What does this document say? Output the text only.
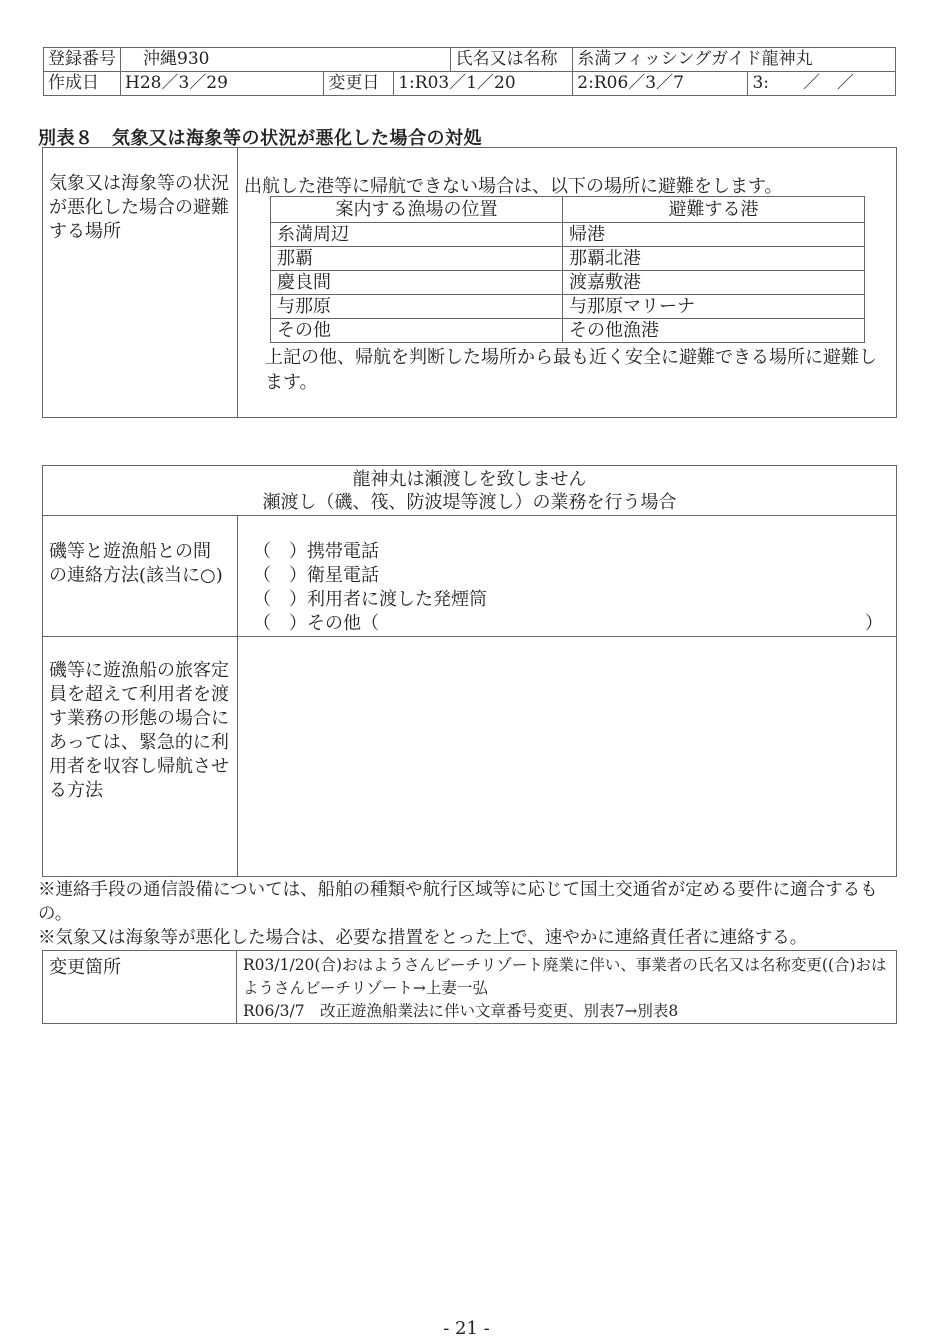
登録番号	沖縄930			氏名又は名称	糸満フィッシングガイド龍神丸	
作成日	H28／3／29	変更日	1:R03／1／20		2:R06／3／7	3:　　／　／
別表８　気象又は海象等の状況が悪化した場合の対処
気象又は海象等の状況が悪化した場合の避難する場所
出航した港等に帰航できない場合は、以下の場所に避難をします。
案内する漁場の位置	避難する港
糸満周辺	帰港
那覇	那覇北港
慶良間	渡嘉敷港
与那原	与那原マリーナ
その他	その他漁港
上記の他、帰航を判断した場所から最も近く安全に避難できる場所に避難します。
龍神丸は瀬渡しを致しません
瀬渡し（磯、筏、防波堤等渡し）の業務を行う場合
磯等と遊漁船との間の連絡方法(該当に○)
（　）携帯電話
（　）衛星電話
（　）利用者に渡した発煙筒
（　）その他（	）
磯等に遊漁船の旅客定員を超えて利用者を渡す業務の形態の場合にあっては、緊急的に利用者を収容し帰航させる方法
※連絡手段の通信設備については、船舶の種類や航行区域等に応じて国土交通省が定める要件に適合するもの。
※気象又は海象等が悪化した場合は、必要な措置をとった上で、速やかに連絡責任者に連絡する。
変更箇所	R03/1/20(合)おはようさんビーチリゾート廃業に伴い、事業者の氏名又は名称変更((合)おはようさんビーチリゾート→上妻一弘
R06/3/7　改正遊漁船業法に伴い文章番号変更、別表7→別表8
- 21 -
